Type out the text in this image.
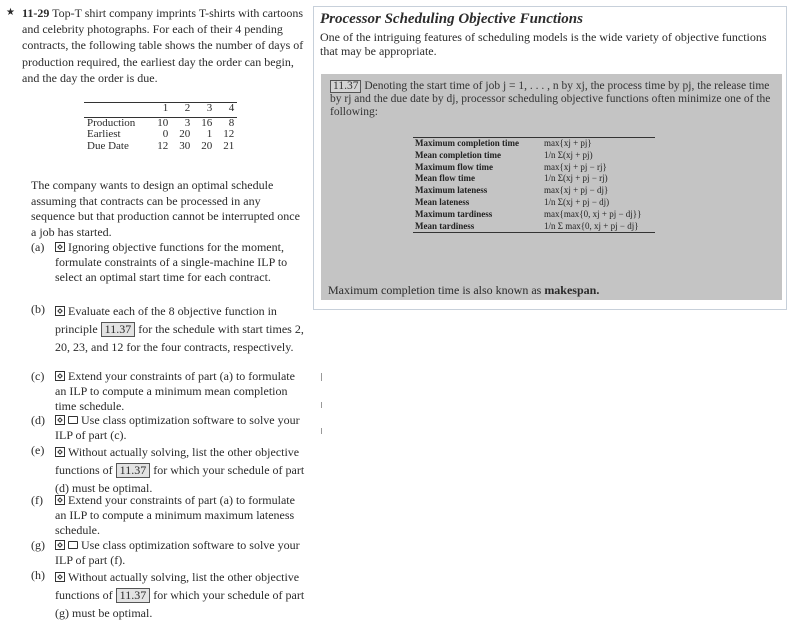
★ 11-29 Top-T shirt company imprints T-shirts with cartoons and celebrity photographs. For each of their 4 pending contracts, the following table shows the number of days of production required, the earliest day the order can begin, and the day the order is due.
	1	2	3	4
Production	10	3	16	8
Earliest	0	20	1	12
Due Date	12	30	20	21
The company wants to design an optimal schedule assuming that contracts can be processed in any sequence but that production cannot be interrupted once a job has started.
(a)	Ignoring objective functions for the moment, formulate constraints of a single-machine ILP to select an optimal start time for each contract.
(b)	Evaluate each of the 8 objective function in principle 11.37 for the schedule with start times 2, 20, 23, and 12 for the four contracts, respectively.
(c)	Extend your constraints of part (a) to formulate an ILP to compute a minimum mean completion time schedule.
(d)	Use class optimization software to solve your ILP of part (c).
(e)	Without actually solving, list the other objective functions of 11.37 for which your schedule of part (d) must be optimal.
(f)	Extend your constraints of part (a) to formulate an ILP to compute a minimum maximum lateness schedule.
(g)	Use class optimization software to solve your ILP of part (f).
(h)	Without actually solving, list the other objective functions of 11.37 for which your schedule of part (g) must be optimal.
Processor Scheduling Objective Functions
One of the intriguing features of scheduling models is the wide variety of objective functions that may be appropriate.
11.37 Denoting the start time of job j = 1, . . . , n by xj, the process time by pj, the release time by rj and the due date by dj, processor scheduling objective functions often minimize one of the following:
Maximum completion time	max{xj + pj}
Mean completion time	1/n Σ(xj + pj)
Maximum flow time	max{xj + pj − rj}
Mean flow time	1/n Σ(xj + pj − rj)
Maximum lateness	max{xj + pj − dj}
Mean lateness	1/n Σ(xj + pj − dj)
Maximum tardiness	max{max{0, xj + pj − dj}}
Mean tardiness	1/n Σ max{0, xj + pj − dj}
Maximum completion time is also known as makespan.
